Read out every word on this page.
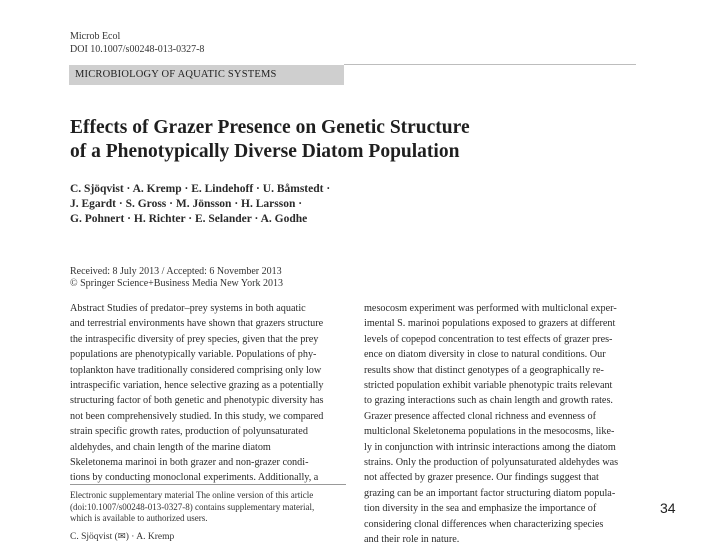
Microb Ecol
DOI 10.1007/s00248-013-0327-8
MICROBIOLOGY OF AQUATIC SYSTEMS
Effects of Grazer Presence on Genetic Structure
of a Phenotypically Diverse Diatom Population
C. Sjöqvist · A. Kremp · E. Lindehoff · U. Båmstedt ·
J. Egardt · S. Gross · M. Jönsson · H. Larsson ·
G. Pohnert · H. Richter · E. Selander · A. Godhe
Received: 8 July 2013 / Accepted: 6 November 2013
© Springer Science+Business Media New York 2013
Abstract Studies of predator–prey systems in both aquatic
and terrestrial environments have shown that grazers structure
the intraspecific diversity of prey species, given that the prey
populations are phenotypically variable. Populations of phy-
toplankton have traditionally considered comprising only low
intraspecific variation, hence selective grazing as a potentially
structuring factor of both genetic and phenotypic diversity has
not been comprehensively studied. In this study, we compared
strain specific growth rates, production of polyunsaturated
aldehydes, and chain length of the marine diatom
Skeletonema marinoi in both grazer and non-grazer condi-
tions by conducting monoclonal experiments. Additionally, a
mesocosm experiment was performed with multiclonal exper-
imental S. marinoi populations exposed to grazers at different
levels of copepod concentration to test effects of grazer pres-
ence on diatom diversity in close to natural conditions. Our
results show that distinct genotypes of a geographically re-
stricted population exhibit variable phenotypic traits relevant
to grazing interactions such as chain length and growth rates.
Grazer presence affected clonal richness and evenness of
multiclonal Skeletonema populations in the mesocosms, like-
ly in conjunction with intrinsic interactions among the diatom
strains. Only the production of polyunsaturated aldehydes was
not affected by grazer presence. Our findings suggest that
grazing can be an important factor structuring diatom popula-
tion diversity in the sea and emphasize the importance of
considering clonal differences when characterizing species
and their role in nature.
Electronic supplementary material The online version of this article
(doi:10.1007/s00248-013-0327-8) contains supplementary material,
which is available to authorized users.
C. Sjöqvist (✉) · A. Kremp
34
